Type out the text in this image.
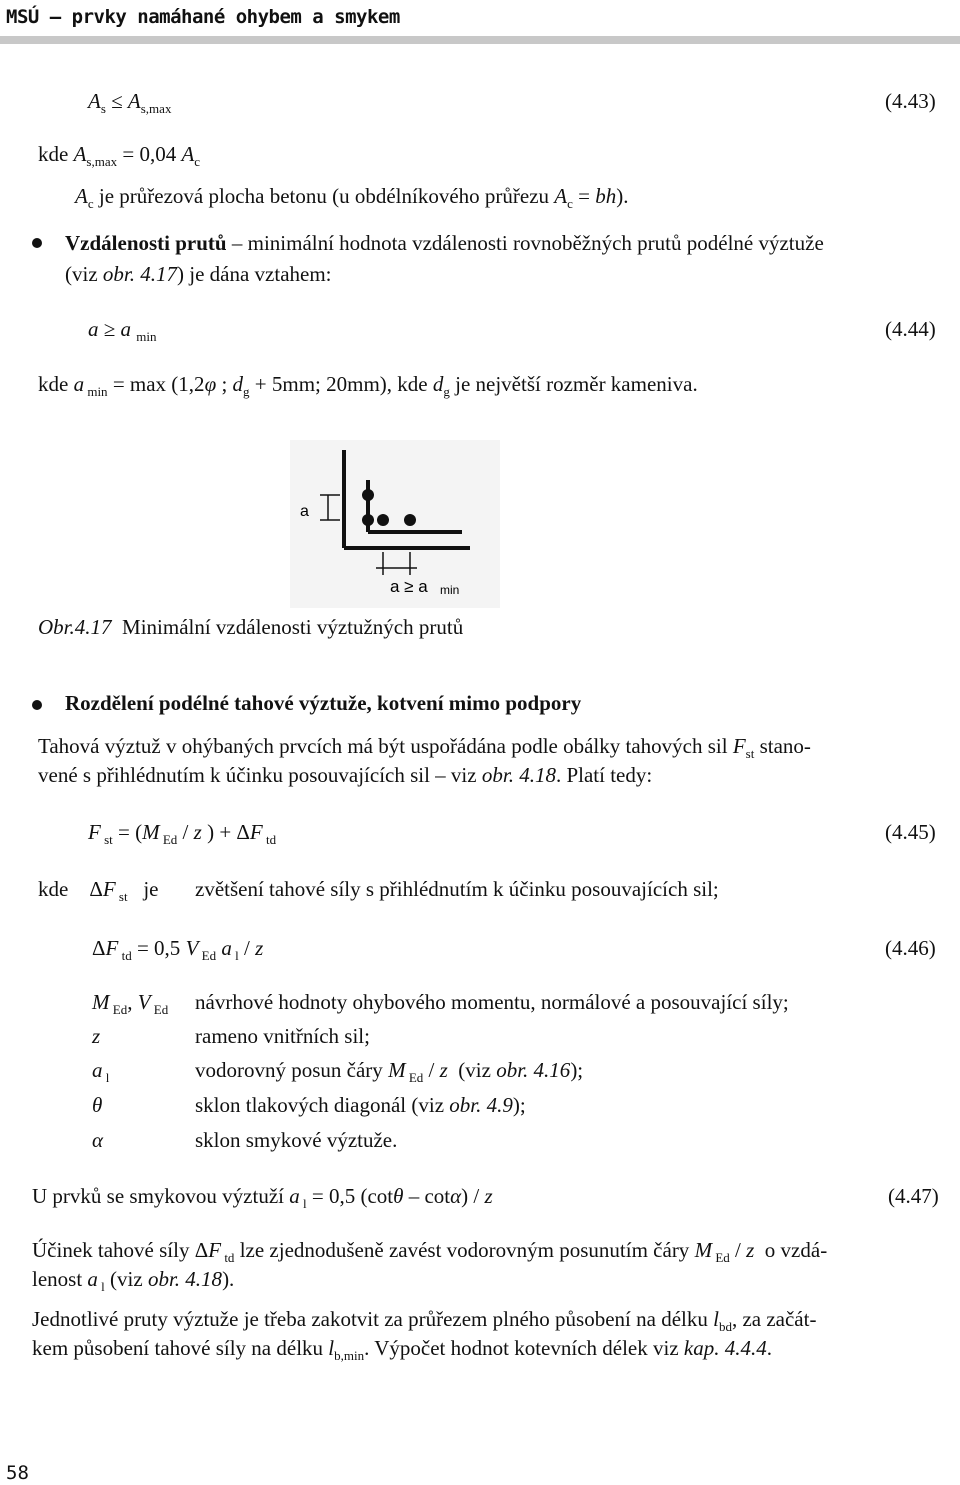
MSÚ – prvky namáhané ohybem a smykem
$A_s \le A_{s,max}$	(4.43)
kde $A_{s,max} = 0,04$ $A_c$
$A_c$ je průřezová plocha betonu (u obdélníkového průřezu $A_c = bh$).
Vzdálenosti prutů – minimální hodnota vzdálenosti rovnoběžných prutů podélné výztuže
(viz obr. 4.17) je dána vztahem:
a ≥ a $_{min}$	(4.44)
kde a $_{min}$ = max (1,2φ ; $d_g + 5mm$; 20mm), kde $d_g$ je největší rozměr kameniva.
a
a ≥ a min
Obr.4.17 Minimální vzdálenosti výztužných prutů
Rozdělení podélné tahové výztuže, kotvení mimo podpory
Tahová výztuž v ohýbaných prvcích má být uspořádána podle obálky tahových sil $F_{st}$ stano-
vené s přihlédnutím k účinku posouvajících sil – viz obr. 4.18. Platí tedy:
F $_{st}$ = (M $_{Ed}$ / z ) + ΔF $_{td}$	(4.45)
kde    ΔF $_{st}$ je zvětšení tahové síly s přihlédnutím k účinku posouvajících sil;
ΔF $_{td}$ = 0,5 V $_{Ed}$ a $_l$ / z	(4.46)
M $_{Ed}$, V $_{Ed}$ návrhové hodnoty ohybového momentu, normálové a posouvající síly;
z	rameno vnitřních sil;
a $_l$	vodorovný posun čáry M $_{Ed}$ / z (viz obr. 4.16);
θ	sklon tlakových diagonál (viz obr. 4.9);
α	sklon smykové výztuže.
U prvků se smykovou výztuží a $_l$ = 0,5 (cotθ – cotα) / z	(4.47)
Účinek tahové síly ΔF $_{td}$ lze zjednodušeně zavést vodorovným posunutím čáry M $_{Ed}$ / z o vzdá-
lenost a $_l$ (viz obr. 4.18).
Jednotlivé pruty výztuže je třeba zakotvit za průřezem plného působení na délku $l_{bd}$, za začát-
kem působení tahové síly na délku $l_{b,min}$. Výpočet hodnot kotevních délek viz kap. 4.4.4.
58
